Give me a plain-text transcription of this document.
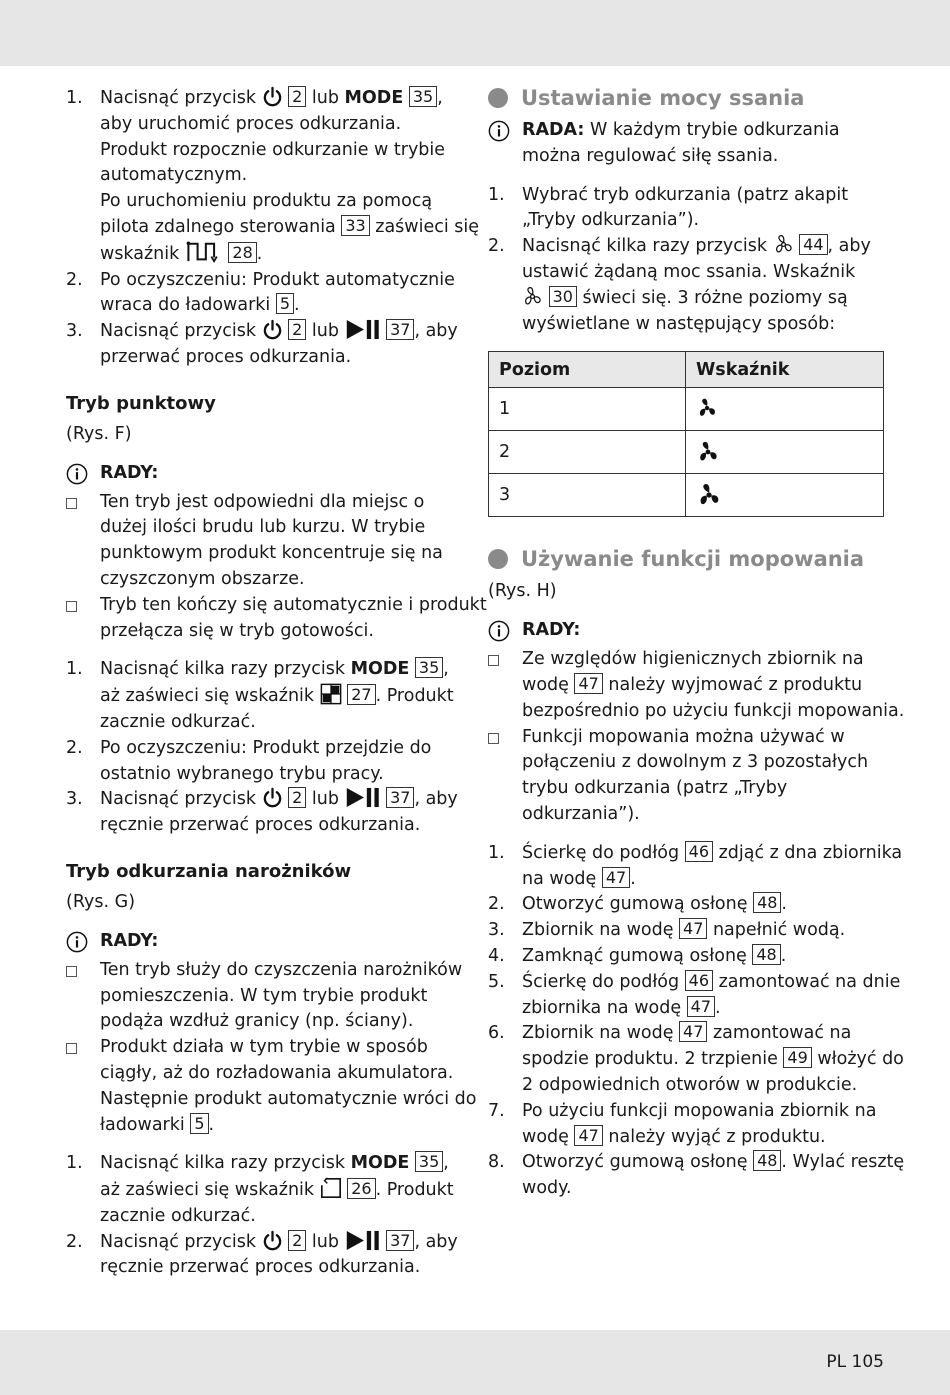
PL 105
1. Nacisnąć przycisk  2 lub MODE 35 ,
aby uruchomić proces odkurzania.
Produkt rozpocznie odkurzanie w trybie
automatycznym.
Po uruchomieniu produktu za pomocą
pilota zdalnego sterowania 33 zaświeci się
wskaźnik	28 .
2. Po oczyszczeniu: Produkt automatycznie
wraca do ładowarki 5 .
3. Nacisnąć przycisk  2 lub	37 , aby
przerwać proces odkurzania.
Tryb punktowy
(Rys. F)
RADY:
Ten tryb jest odpowiedni dla miejsc o
dużej ilości brudu lub kurzu. W trybie
punktowym produkt koncentruje się na
czyszczonym obszarze.
Tryb ten kończy się automatycznie i produkt
przełącza się w tryb gotowości.
1. Nacisnąć kilka razy przycisk MODE 35 ,
aż zaświeci się wskaźnik  27 . Produkt
zacznie odkurzać.
2. Po oczyszczeniu: Produkt przejdzie do
ostatnio wybranego trybu pracy.
3. Nacisnąć przycisk  2 lub	37 , aby
ręcznie przerwać proces odkurzania.
Tryb odkurzania narożników
(Rys. G)
RADY:
Ten tryb służy do czyszczenia narożników
pomieszczenia. W tym trybie produkt
podąża wzdłuż granicy (np. ściany).
Produkt działa w tym trybie w sposób
ciągły, aż do rozładowania akumulatora.
Następnie produkt automatycznie wróci do
ładowarki 5 .
1. Nacisnąć kilka razy przycisk MODE 35 ,
aż zaświeci się wskaźnik  26 . Produkt
zacznie odkurzać.
2. Nacisnąć przycisk  2 lub	37 , aby
ręcznie przerwać proces odkurzania.
Ustawianie mocy ssania
RADA: W każdym trybie odkurzania
można regulować siłę ssania.
1. Wybrać tryb odkurzania (patrz akapit
„Tryby odkurzania”).
2. Nacisnąć kilka razy przycisk  44 , aby
ustawić żądaną moc ssania. Wskaźnik
30 świeci się. 3 różne poziomy są
wyświetlane w następujący sposób:
Poziom	Wskaźnik
1	
2	
3	
Używanie funkcji mopowania
(Rys. H)
RADY:
Ze względów higienicznych zbiornik na
wodę 47 należy wyjmować z produktu
bezpośrednio po użyciu funkcji mopowania.
Funkcji mopowania można używać w
połączeniu z dowolnym z 3 pozostałych
trybu odkurzania (patrz „Tryby
odkurzania”).
1. Ścierkę do podłóg 46 zdjąć z dna zbiornika
na wodę 47 .
2. Otworzyć gumową osłonę 48 .
3. Zbiornik na wodę 47 napełnić wodą.
4. Zamknąć gumową osłonę 48 .
5. Ścierkę do podłóg 46 zamontować na dnie
zbiornika na wodę 47 .
6. Zbiornik na wodę 47 zamontować na
spodzie produktu. 2 trzpienie 49 włożyć do
2 odpowiednich otworów w produkcie.
7. Po użyciu funkcji mopowania zbiornik na
wodę 47 należy wyjąć z produktu.
8. Otworzyć gumową osłonę 48 . Wylać resztę
wody.
